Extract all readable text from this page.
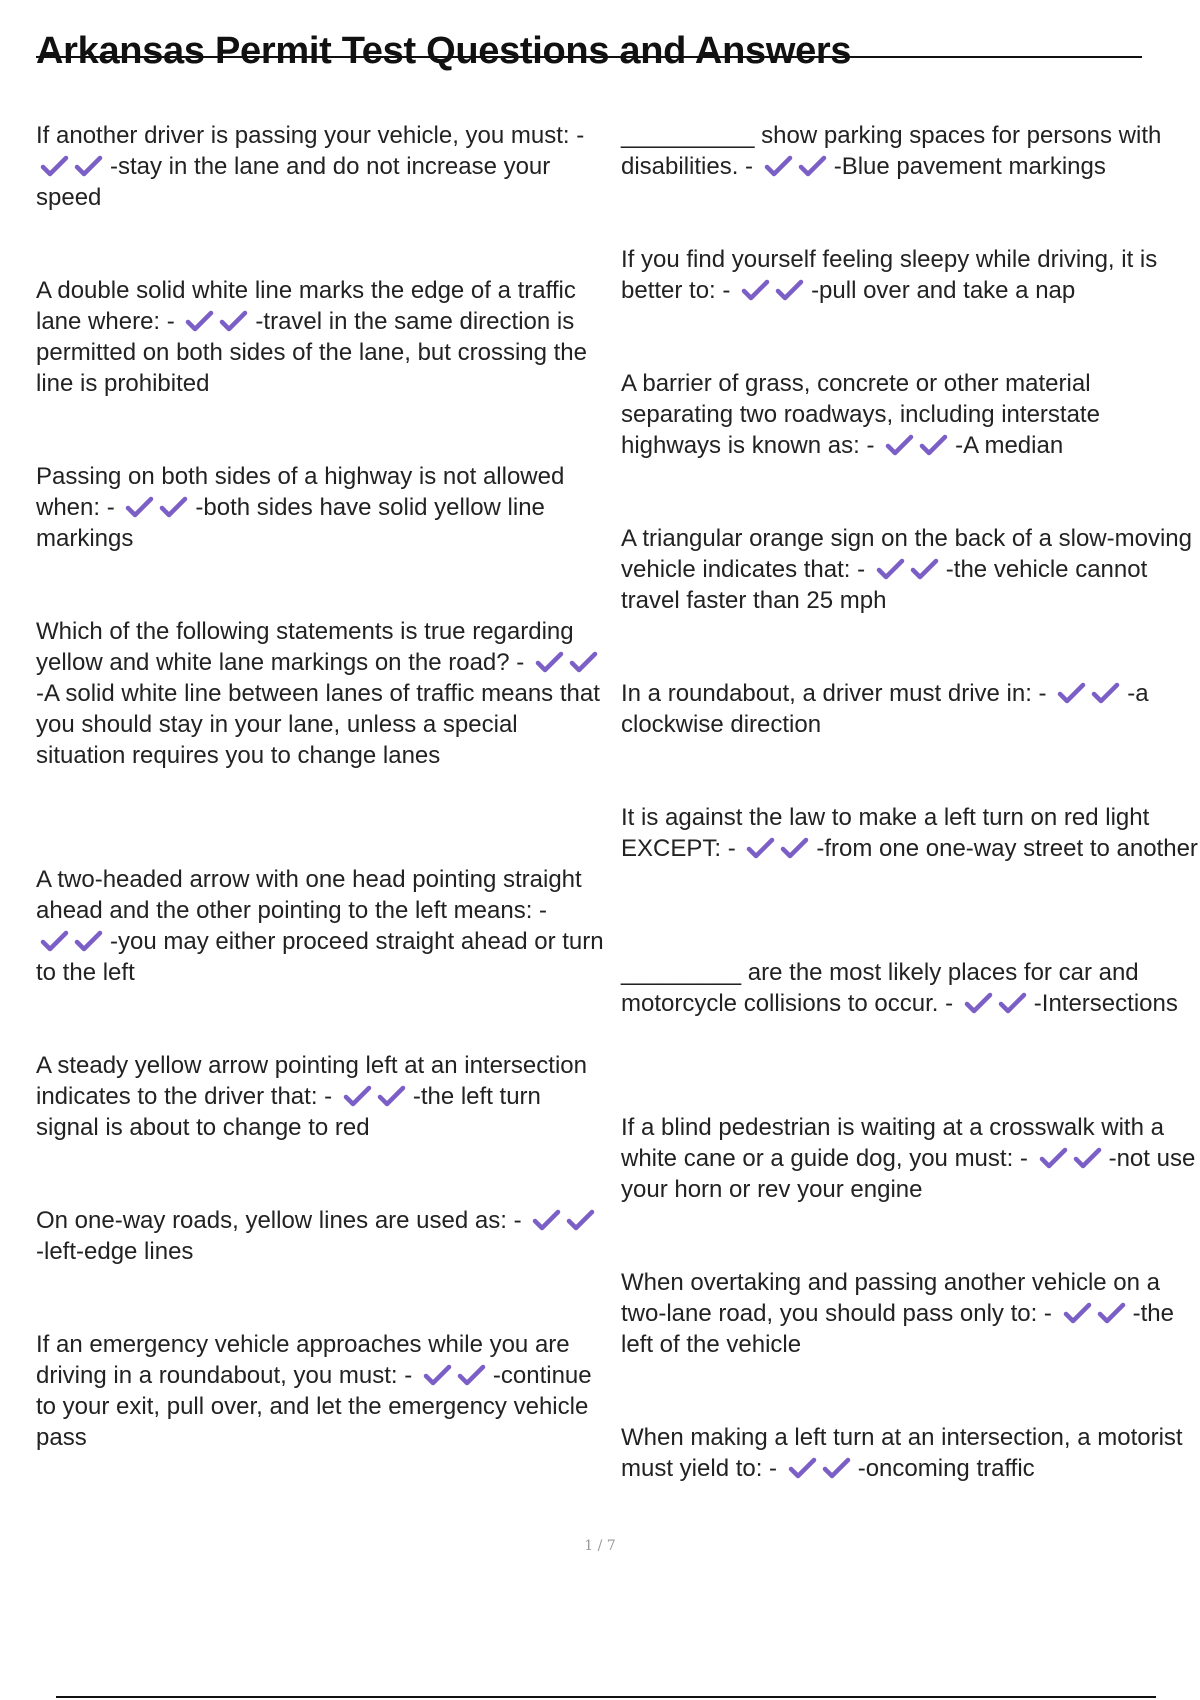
Arkansas Permit Test Questions and Answers

If another driver is passing your vehicle, you must: -
-stay in the lane and do not increase your speed

A double solid white line marks the edge of a traffic lane where: -	-travel in the same direction is permitted on both sides of the lane, but crossing the line is prohibited

Passing on both sides of a highway is not allowed when: -	-both sides have solid yellow line markings

Which of the following statements is true regarding yellow and white lane markings on the road? -
-A solid white line between lanes of traffic means that you should stay in your lane, unless a special situation requires you to change lanes

A two-headed arrow with one head pointing straight ahead and the other pointing to the left means: -
-you may either proceed straight ahead or turn to the left

A steady yellow arrow pointing left at an intersection indicates to the driver that: -	-the left turn signal is about to change to red

On one-way roads, yellow lines are used as: -
-left-edge lines

If an emergency vehicle approaches while you are driving in a roundabout, you must: -	-continue to your exit, pull over, and let the emergency vehicle pass

__________ show parking spaces for persons with disabilities. -	-Blue pavement markings

If you find yourself feeling sleepy while driving, it is better to: -	-pull over and take a nap

A barrier of grass, concrete or other material separating two roadways, including interstate highways is known as: -	-A median

A triangular orange sign on the back of a slow-moving vehicle indicates that: -	-the vehicle cannot travel faster than 25 mph

In a roundabout, a driver must drive in: -	-a clockwise direction

It is against the law to make a left turn on red light EXCEPT: -	-from one one-way street to another

_________ are the most likely places for car and motorcycle collisions to occur. -	-Intersections

If a blind pedestrian is waiting at a crosswalk with a white cane or a guide dog, you must: -	-not use your horn or rev your engine

When overtaking and passing another vehicle on a two-lane road, you should pass only to: -	-the left of the vehicle

When making a left turn at an intersection, a motorist must yield to: -	-oncoming traffic

1 / 7
